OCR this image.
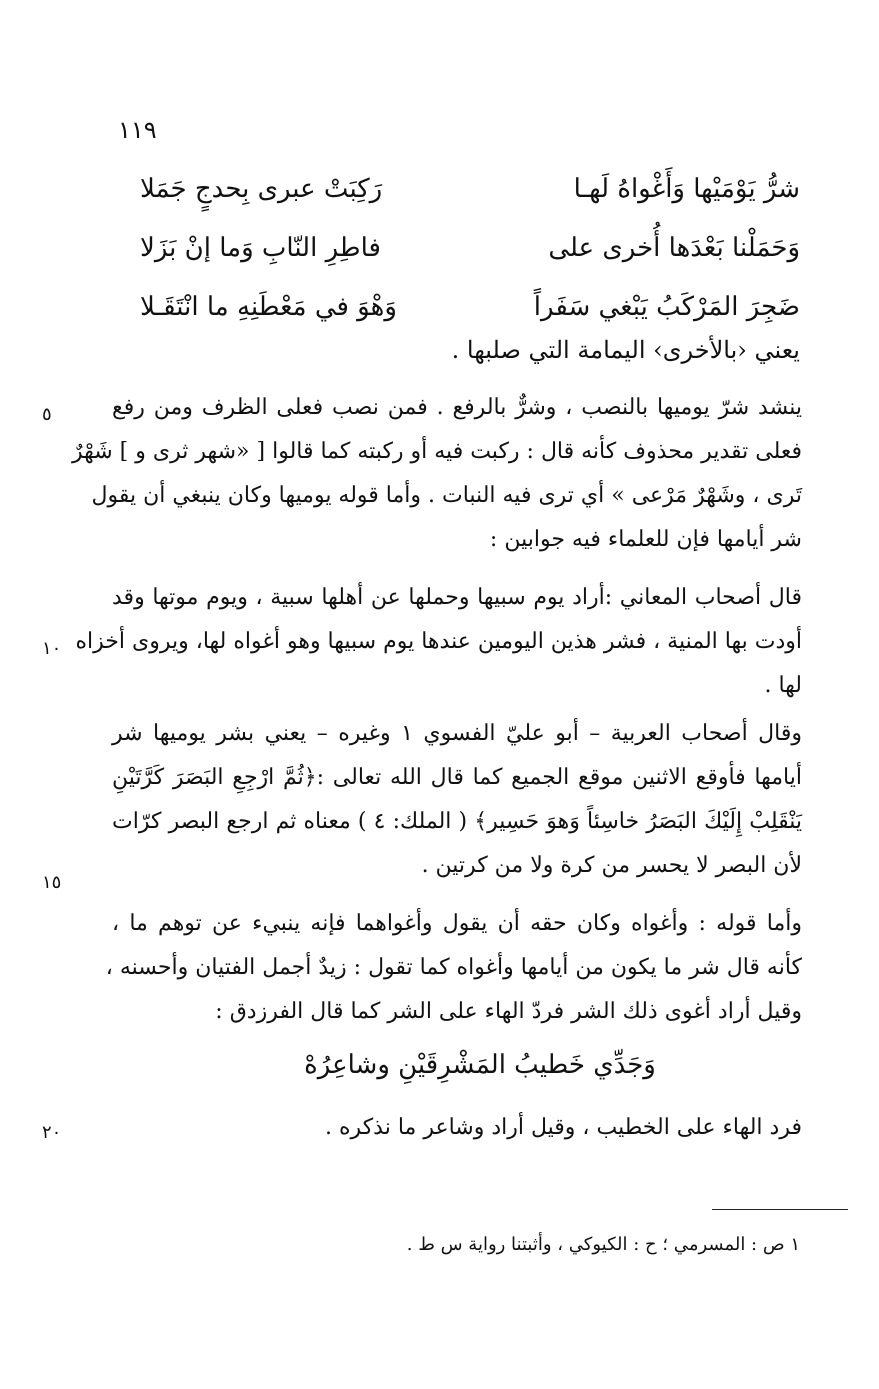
١١٩
شرُّ يَوْمَيْها وَأَغْواهُ لَهـا
رَكِبَتْ عبرى بِحدجٍ جَمَلا
وَحَمَلْنا بَعْدَها أُخرى على
فاطِرِ النّابِ وَما إنْ بَزَلا
ضَجِرَ المَرْكَبُ يَبْغي سَفَراً
وَهْوَ في مَعْطَنِهِ ما انْتَقَـلا
يعني ‹بالأخرى› اليمامة التي صلبها .
ينشد شرّ يوميها بالنصب ، وشرٌّ بالرفع . فمن نصب فعلى الظرف ومن رفع
فعلى تقدير محذوف كأنه قال : ركبت فيه أو ركبته كما قالوا [ «شهر ثرى و ] شَهْرٌ
تَرى ، وشَهْرٌ مَرْعى » أي ترى فيه النبات . وأما قوله يوميها وكان ينبغي أن يقول
شر أيامها فإن للعلماء فيه جوابين :
قال أصحاب المعاني :أراد يوم سبيها وحملها عن أهلها سبية ، ويوم موتها وقد
أودت بها المنية ، فشر هذين اليومين عندها يوم سبيها وهو أغواه لها، ويروى أخزاه
لها .
وقال أصحاب العربية – أبو عليّ الفسوي ١ وغيره – يعني بشر يوميها شر
أيامها فأوقع الاثنين موقع الجميع كما قال الله تعالى :﴿ثُمَّ ارْجِعِ البَصَرَ كَرَّتَيْنِ
يَنْقَلِبْ إِلَيْكَ البَصَرُ خاسِئاً وَهوَ حَسِير﴾ ( الملك: ٤ ) معناه ثم ارجع البصر كرّات
لأن البصر لا يحسر من كرة ولا من كرتين .
وأما قوله : وأغواه وكان حقه أن يقول وأغواهما فإنه ينبيء عن توهم ما ،
كأنه قال شر ما يكون من أيامها وأغواه كما تقول : زيدٌ أجمل الفتيان وأحسنه ،
وقيل أراد أغوى ذلك الشر فردّ الهاء على الشر كما قال الفرزدق :
وَجَدِّي خَطيبُ المَشْرِقَيْنِ وشاعِرُهْ
فرد الهاء على الخطيب ، وقيل أراد وشاعر ما نذكره .
٥
١٠
١٥
٢٠
١ ص : المسرمي ؛ ح : الكيوكي ، وأثبتنا رواية س ط .
